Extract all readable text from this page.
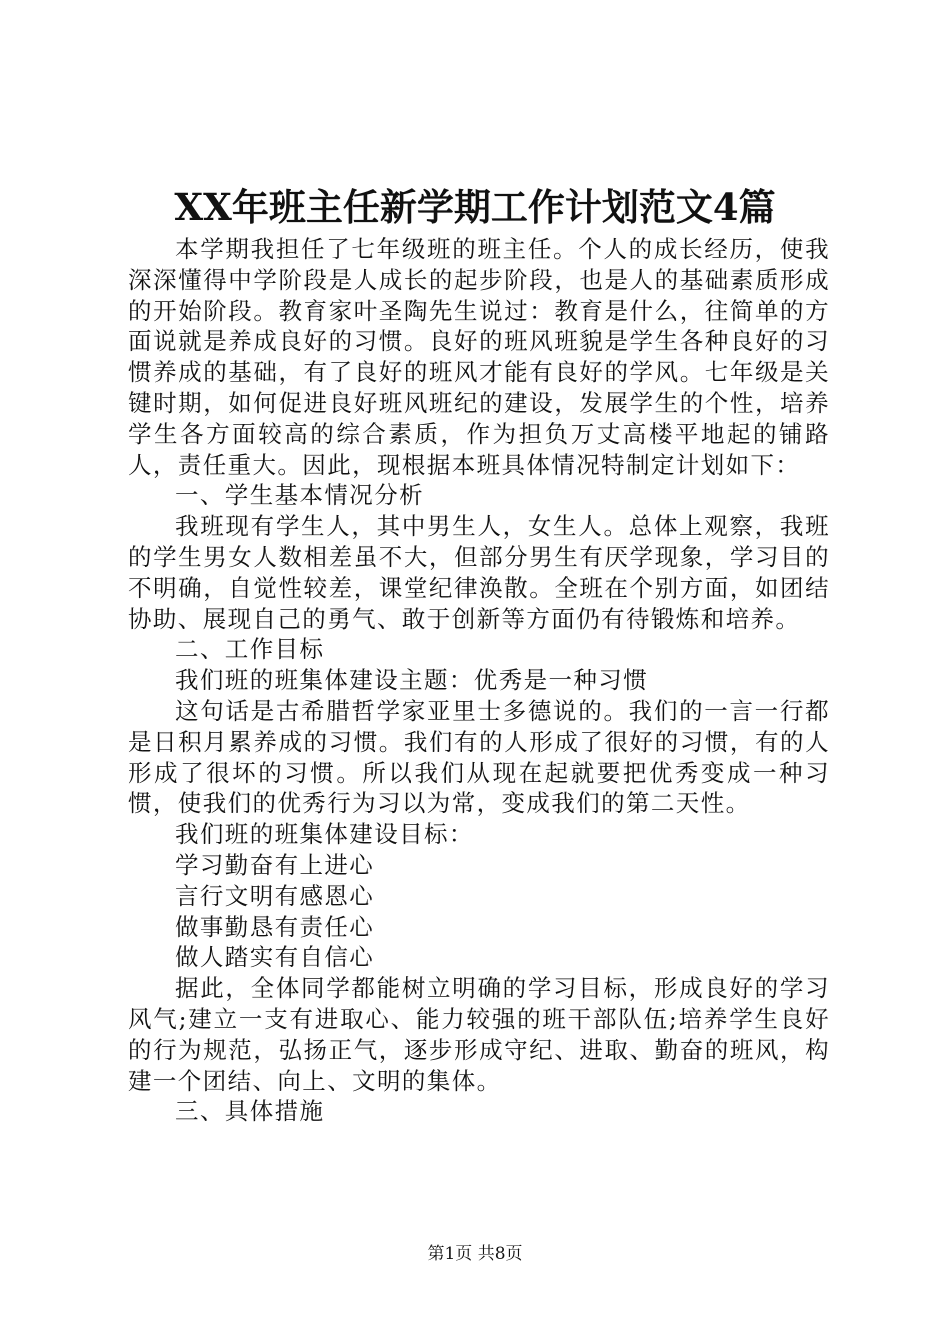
XX年班主任新学期工作计划范文4篇

本学期我担任了七年级班的班主任。个人的成长经历，使我深深懂得中学阶段是人成长的起步阶段，也是人的基础素质形成的开始阶段。教育家叶圣陶先生说过：教育是什么，往简单的方面说就是养成良好的习惯。良好的班风班貌是学生各种良好的习惯养成的基础，有了良好的班风才能有良好的学风。七年级是关键时期，如何促进良好班风班纪的建设，发展学生的个性，培养学生各方面较高的综合素质，作为担负万丈高楼平地起的铺路人，责任重大。因此，现根据本班具体情况特制定计划如下：

一、学生基本情况分析

我班现有学生人，其中男生人，女生人。总体上观察，我班的学生男女人数相差虽不大，但部分男生有厌学现象，学习目的不明确，自觉性较差，课堂纪律涣散。全班在个别方面，如团结协助、展现自己的勇气、敢于创新等方面仍有待锻炼和培养。

二、工作目标

我们班的班集体建设主题：优秀是一种习惯

这句话是古希腊哲学家亚里士多德说的。我们的一言一行都是日积月累养成的习惯。我们有的人形成了很好的习惯，有的人形成了很坏的习惯。所以我们从现在起就要把优秀变成一种习惯，使我们的优秀行为习以为常，变成我们的第二天性。

我们班的班集体建设目标：

学习勤奋有上进心

言行文明有感恩心

做事勤恳有责任心

做人踏实有自信心

据此，全体同学都能树立明确的学习目标，形成良好的学习风气;建立一支有进取心、能力较强的班干部队伍;培养学生良好的行为规范，弘扬正气，逐步形成守纪、进取、勤奋的班风，构建一个团结、向上、文明的集体。

三、具体措施

第1页 共8页
